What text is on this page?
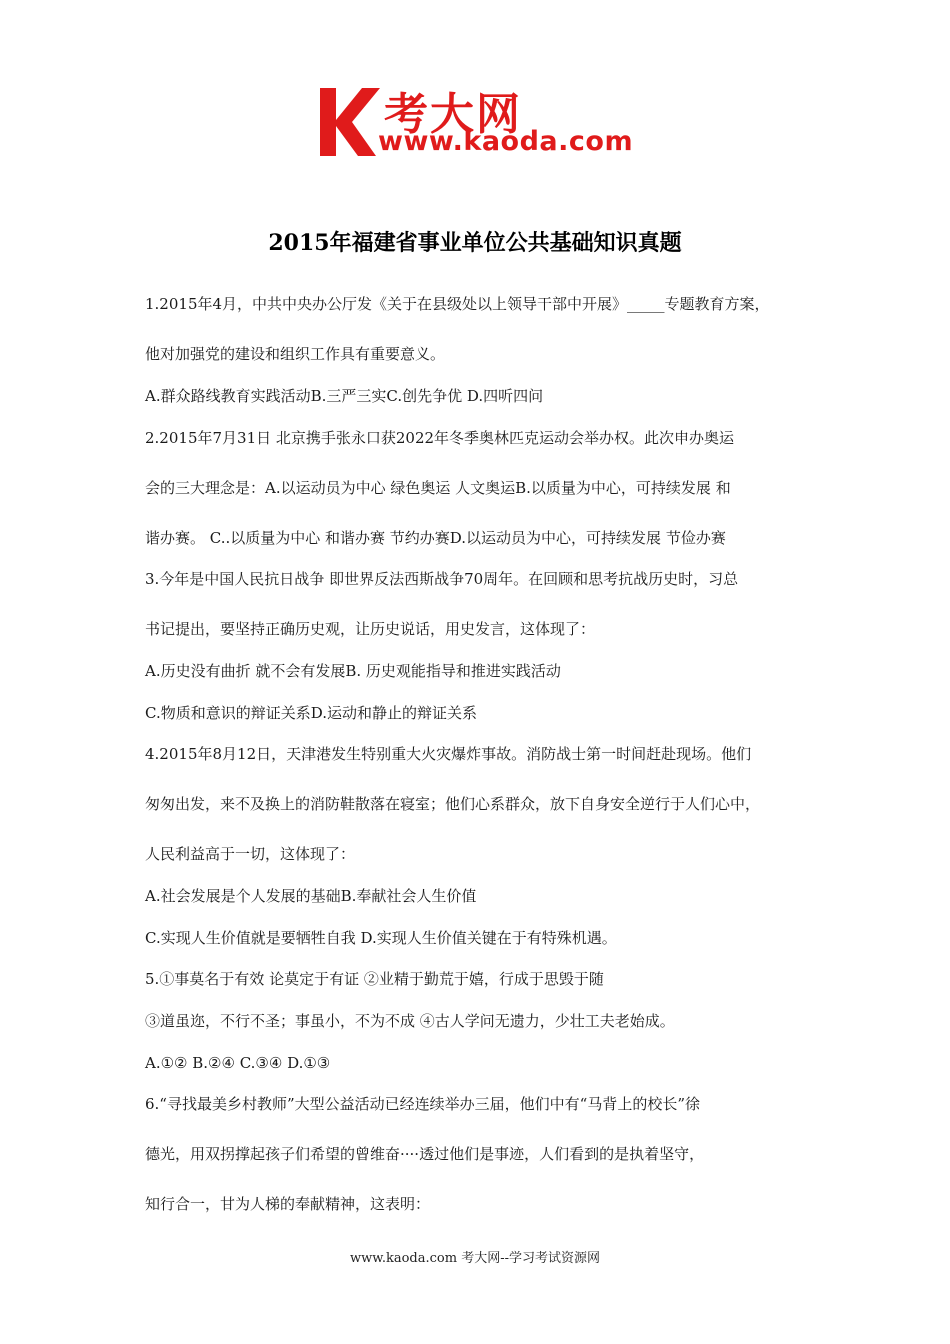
考大网
www.kaoda.com
2015年福建省事业单位公共基础知识真题
1.2015年4月，中共中央办公厅发《关于在县级处以上领导干部中开展》_____专题教育方案，
他对加强党的建设和组织工作具有重要意义。
A.群众路线教育实践活动B.三严三实C.创先争优 D.四听四问
2.2015年7月31日 北京携手张永口获2022年冬季奥林匹克运动会举办权。此次申办奥运
会的三大理念是：A.以运动员为中心 绿色奥运 人文奥运B.以质量为中心，可持续发展 和
谐办赛。 C..以质量为中心 和谐办赛 节约办赛D.以运动员为中心，可持续发展 节俭办赛
3.今年是中国人民抗日战争 即世界反法西斯战争70周年。在回顾和思考抗战历史时，习总
书记提出，要坚持正确历史观，让历史说话，用史发言，这体现了：
A.历史没有曲折 就不会有发展B. 历史观能指导和推进实践活动
C.物质和意识的辩证关系D.运动和静止的辩证关系
4.2015年8月12日，天津港发生特别重大火灾爆炸事故。消防战士第一时间赶赴现场。他们
匆匆出发，来不及换上的消防鞋散落在寝室；他们心系群众，放下自身安全逆行于人们心中，
人民利益高于一切，这体现了：
A.社会发展是个人发展的基础B.奉献社会人生价值
C.实现人生价值就是要牺牲自我 D.实现人生价值关键在于有特殊机遇。
5.①事莫名于有效 论莫定于有证 ②业精于勤荒于嬉，行成于思毁于随
③道虽迩，不行不圣；事虽小，不为不成 ④古人学问无遗力，少壮工夫老始成。
A.①② B.②④ C.③④ D.①③
6.“寻找最美乡村教师”大型公益活动已经连续举办三届，他们中有“马背上的校长”徐
德光，用双拐撑起孩子们希望的曾维奋····透过他们是事迹，人们看到的是执着坚守，
知行合一，甘为人梯的奉献精神，这表明：
www.kaoda.com 考大网--学习考试资源网
